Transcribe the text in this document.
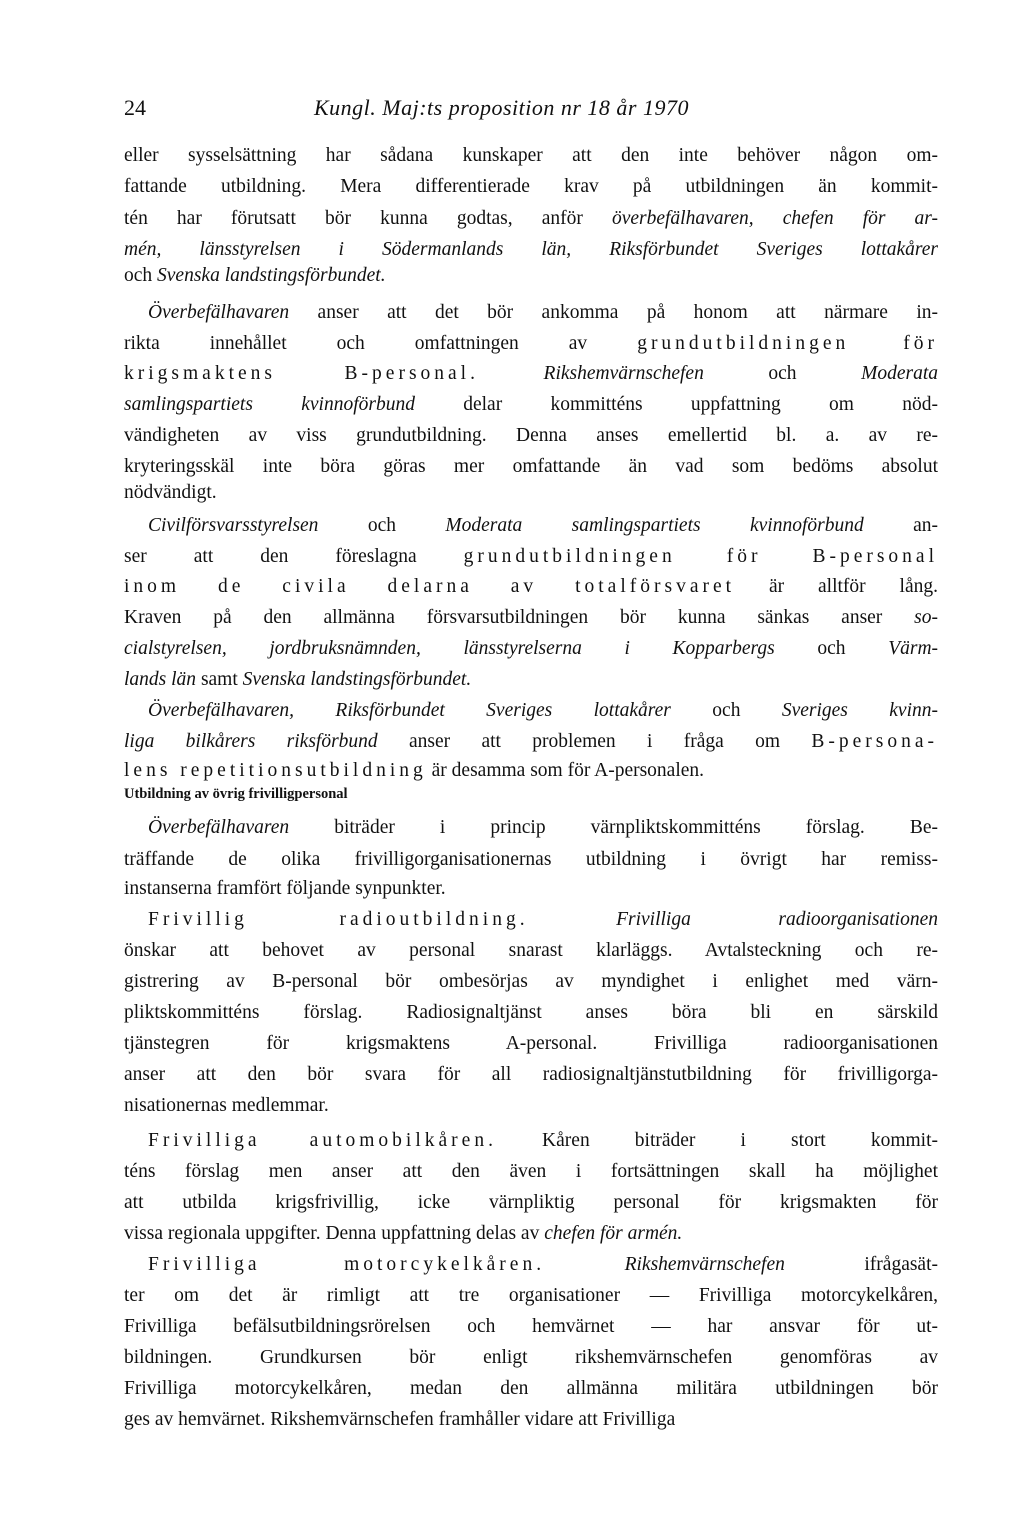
24	Kungl. Maj:ts proposition nr 18 år 1970
eller sysselsättning har sådana kunskaper att den inte behöver någon om-
fattande utbildning. Mera differentierade krav på utbildningen än kommit-
tén har förutsatt bör kunna godtas, anför överbefälhavaren, chefen för ar-
mén, länsstyrelsen i Södermanlands län, Riksförbundet Sveriges lottakårer
och Svenska landstingsförbundet.
Överbefälhavaren anser att det bör ankomma på honom att närmare in-
rikta innehållet och omfattningen av grundutbildningen för
krigsmaktens B-personal.	Rikshemvärnschefen och Moderata
samlingspartiets kvinnoförbund delar kommitténs uppfattning om nöd-
vändigheten av viss grundutbildning. Denna anses emellertid bl. a. av re-
kryteringsskäl inte böra göras mer omfattande än vad som bedöms absolut
nödvändigt.
Civilförsvarsstyrelsen och Moderata samlingspartiets kvinnoförbund an-
ser att den föreslagna grundutbildningen för B-personal
inom de civila delarna av totalförsvaret är alltför lång.
Kraven på den allmänna försvarsutbildningen bör kunna sänkas anser so-
cialstyrelsen, jordbruksnämnden, länsstyrelserna i Kopparbergs och Värm-
lands län samt Svenska landstingsförbundet.
Överbefälhavaren, Riksförbundet Sveriges lottakårer och Sveriges kvinn-
liga bilkårers riksförbund anser att problemen i fråga om B-persona-
lens repetitionsutbildning är desamma som för A-personalen.
Överbefälhavaren biträder i princip värnpliktskommitténs förslag. Be-
träffande de olika frivilligorganisationernas utbildning i övrigt har remiss-
instanserna framfört följande synpunkter.
Frivillig radioutbildning.	Frivilliga radioorganisationen
önskar att behovet av personal snarast klarläggs. Avtalsteckning och re-
gistrering av B-personal bör ombesörjas av myndighet i enlighet med värn-
pliktskommitténs förslag. Radiosignaltjänst anses böra bli en särskild
tjänstegren för krigsmaktens A-personal. Frivilliga radioorganisationen
anser att den bör svara för all radiosignaltjänstutbildning för frivilligorga-
nisationernas medlemmar.
Frivilliga automobilkåren. Kåren biträder i stort kommit-
téns förslag men anser att den även i fortsättningen skall ha möjlighet
att utbilda krigsfrivillig, icke värnpliktig personal för krigsmakten för
vissa regionala uppgifter. Denna uppfattning delas av chefen för armén.
Frivilliga motorcykelkåren.	Rikshemvärnschefen ifrågasät-
ter om det är rimligt att tre organisationer — Frivilliga motorcykelkåren,
Frivilliga befälsutbildningsrörelsen och hemvärnet — har ansvar för ut-
bildningen. Grundkursen bör enligt rikshemvärnschefen genomföras av
Frivilliga motorcykelkåren, medan den allmänna militära utbildningen bör
ges av hemvärnet. Rikshemvärnschefen framhåller vidare att Frivilliga
Utbildning av övrig frivilligpersonal
